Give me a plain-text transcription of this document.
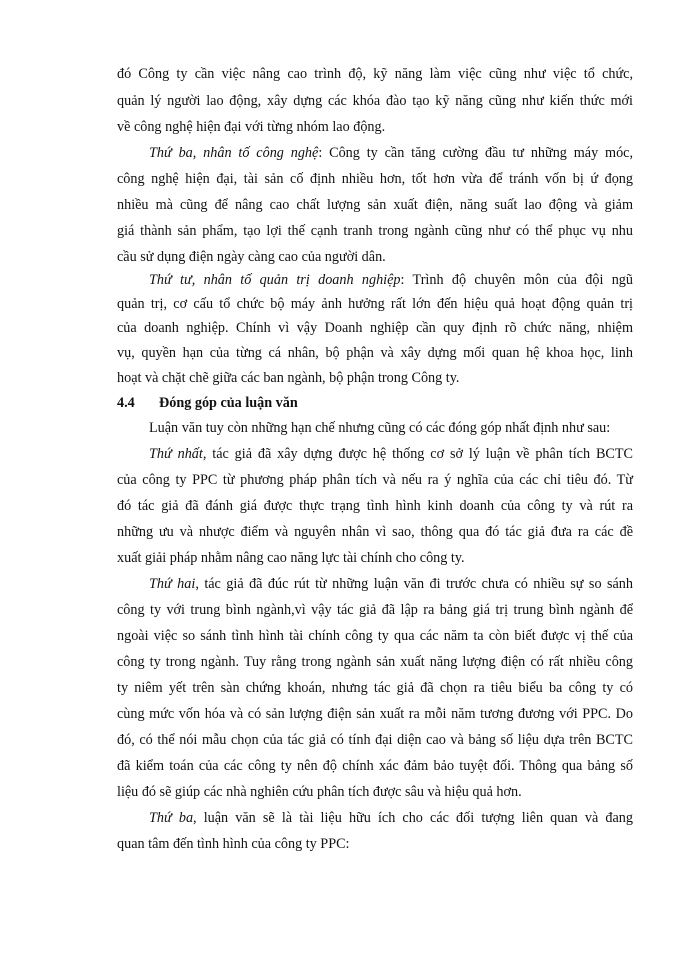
đó Công ty cần việc nâng cao trình độ, kỹ năng làm việc cũng như việc tổ chức,
quản lý người lao động, xây dựng các khóa đào tạo kỹ năng cũng như kiến thức mới
về công nghệ hiện đại với từng nhóm lao động.
Thứ ba, nhân tố công nghệ: Công ty cần tăng cường đầu tư những máy móc,
công nghệ hiện đại, tài sản cố định nhiều hơn, tốt hơn vừa để tránh vốn bị ứ đọng
nhiều mà cũng để nâng cao chất lượng sản xuất điện, năng suất lao động và giảm
giá thành sản phẩm, tạo lợi thế cạnh tranh trong ngành cũng như có thể phục vụ nhu
cầu sử dụng điện ngày càng cao của người dân.
Thứ tư, nhân tố quản trị doanh nghiệp: Trình độ chuyên môn của đội ngũ
quản trị, cơ cấu tổ chức bộ máy ảnh hưởng rất lớn đến hiệu quả hoạt động quản trị
của doanh nghiệp. Chính vì vậy Doanh nghiệp cần quy định rõ chức năng, nhiệm
vụ, quyền hạn của từng cá nhân, bộ phận và xây dựng mối quan hệ khoa học, linh
hoạt và chặt chẽ giữa các ban ngành, bộ phận trong Công ty.
4.4 Đóng góp của luận văn
Luận văn tuy còn những hạn chế nhưng cũng có các đóng góp nhất định như sau:
Thứ nhất, tác giả đã xây dựng được hệ thống cơ sở lý luận về phân tích BCTC
của công ty PPC từ phương pháp phân tích và nếu ra ý nghĩa của các chỉ tiêu đó. Từ
đó tác giả đã đánh giá được thực trạng tình hình kinh doanh của công ty và rút ra
những ưu và nhược điểm và nguyên nhân vì sao, thông qua đó tác giả đưa ra các đề
xuất giải pháp nhằm nâng cao năng lực tài chính cho công ty.
Thứ hai, tác giả đã đúc rút từ những luận văn đi trước chưa có nhiều sự so sánh
công ty với trung bình ngành,vì vậy tác giả đã lập ra bảng giá trị trung bình ngành để
ngoài việc so sánh tình hình tài chính công ty qua các năm ta còn biết được vị thế của
công ty trong ngành. Tuy rằng trong ngành sản xuất năng lượng điện có rất nhiều công
ty niêm yết trên sàn chứng khoán, nhưng tác giả đã chọn ra tiêu biểu ba công ty có
cùng mức vốn hóa và có sản lượng điện sản xuất ra mỗi năm tương đương với PPC. Do
đó, có thể nói mẫu chọn của tác giả có tính đại diện cao và bảng số liệu dựa trên BCTC
đã kiểm toán của các công ty nên độ chính xác đảm bảo tuyệt đối. Thông qua bảng số
liệu đó sẽ giúp các nhà nghiên cứu phân tích được sâu và hiệu quả hơn.
Thứ ba, luận văn sẽ là tài liệu hữu ích cho các đối tượng liên quan và đang
quan tâm đến tình hình của công ty PPC:
